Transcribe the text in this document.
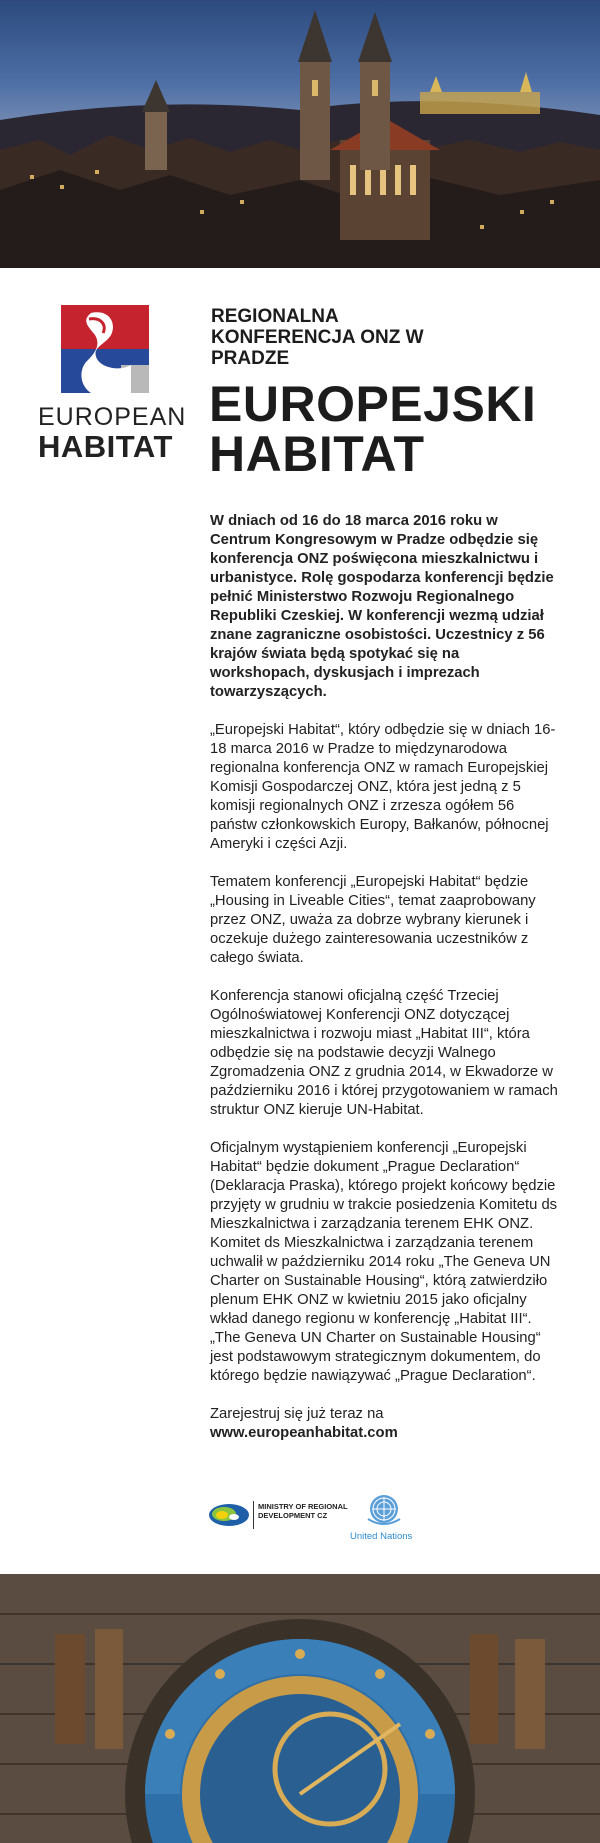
EUROPEAN
HABITAT
REGIONALNA KONFERENCJA ONZ W PRADZE
EUROPEJSKI HABITAT

W dniach od 16 do 18 marca 2016 roku w Centrum Kongresowym w Pradze odbędzie się konferencja ONZ poświęcona mieszkalnictwu i urbanistyce. Rolę gospodarza konferencji będzie pełnić Ministerstwo Rozwoju Regionalnego Republiki Czeskiej. W konferencji wezmą udział znane zagraniczne osobistości. Uczestnicy z 56 krajów świata będą spotykać się na workshopach, dyskusjach i imprezach towarzyszących.

„Europejski Habitat“, który odbędzie się w dniach 16-18 marca 2016 w Pradze to międzynarodowa regionalna konferencja ONZ w ramach Europejskiej Komisji Gospodarczej ONZ, która jest jedną z 5 komisji regionalnych ONZ i zrzesza ogółem 56 państw członkowskich Europy, Bałkanów, północnej Ameryki i części Azji.

Tematem konferencji „Europejski Habitat“ będzie „Housing in Liveable Cities“, temat zaaprobowany przez ONZ, uważa za dobrze wybrany kierunek i oczekuje dużego zainteresowania uczestników z całego świata.

Konferencja stanowi oficjalną część Trzeciej Ogólnoświatowej Konferencji ONZ dotyczącej mieszkalnictwa i rozwoju miast „Habitat III“, która odbędzie się na podstawie decyzji Walnego Zgromadzenia ONZ z grudnia 2014, w Ekwadorze w październiku 2016 i której przygotowaniem w ramach struktur ONZ kieruje UN-Habitat.

Oficjalnym wystąpieniem konferencji „Europejski Habitat“ będzie dokument „Prague Declaration“ (Deklaracja Praska), którego projekt końcowy będzie przyjęty w grudniu w trakcie posiedzenia Komitetu ds Mieszkalnictwa i zarządzania terenem EHK ONZ. Komitet ds Mieszkalnictwa i zarządzania terenem uchwalił w październiku 2014 roku „The Geneva UN Charter on Sustainable Housing“, którą zatwierdziło plenum EHK ONZ w kwietniu 2015 jako oficjalny wkład danego regionu w konferencję „Habitat III“. „The Geneva UN Charter on Sustainable Housing“ jest podstawowym strategicznym dokumentem, do którego będzie nawiązywać „Prague Declaration“.

Zarejestruj się już teraz na
www.europeanhabitat.com

MINISTRY OF REGIONAL DEVELOPMENT CZ
United Nations
